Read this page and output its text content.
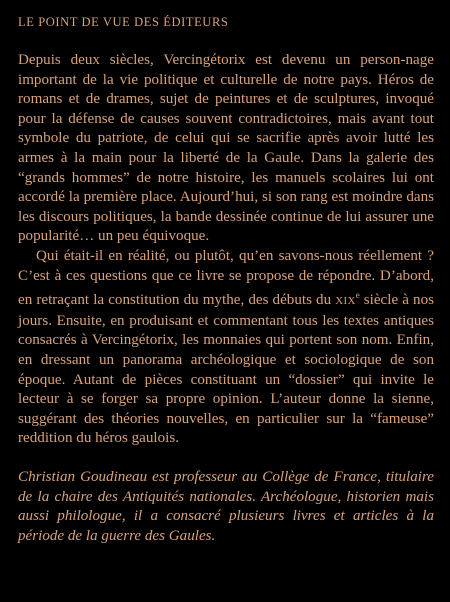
LE POINT DE VUE DES ÉDITEURS

Depuis deux siècles, Vercingétorix est devenu un person-nage important de la vie politique et culturelle de notre pays. Héros de romans et de drames, sujet de peintures et de sculptures, invoqué pour la défense de causes souvent contradictoires, mais avant tout symbole du patriote, de celui qui se sacrifie après avoir lutté les armes à la main pour la liberté de la Gaule. Dans la galerie des “grands hommes” de notre histoire, les manuels scolaires lui ont accordé la première place. Aujourd’hui, si son rang est moindre dans les discours politiques, la bande dessinée continue de lui assurer une popularité… un peu équivoque.

Qui était-il en réalité, ou plutôt, qu’en savons-nous réellement ? C’est à ces questions que ce livre se propose de répondre. D’abord, en retraçant la constitution du mythe, des débuts du XIXe siècle à nos jours. Ensuite, en produisant et commentant tous les textes antiques consacrés à Vercingétorix, les monnaies qui portent son nom. Enfin, en dressant un panorama archéologique et sociologique de son époque. Autant de pièces constituant un “dossier” qui invite le lecteur à se forger sa propre opinion. L’auteur donne la sienne, suggérant des théories nouvelles, en particulier sur la “fameuse” reddition du héros gaulois.

Christian Goudineau est professeur au Collège de France, titulaire de la chaire des Antiquités nationales. Archéologue, historien mais aussi philologue, il a consacré plusieurs livres et articles à la période de la guerre des Gaules.
